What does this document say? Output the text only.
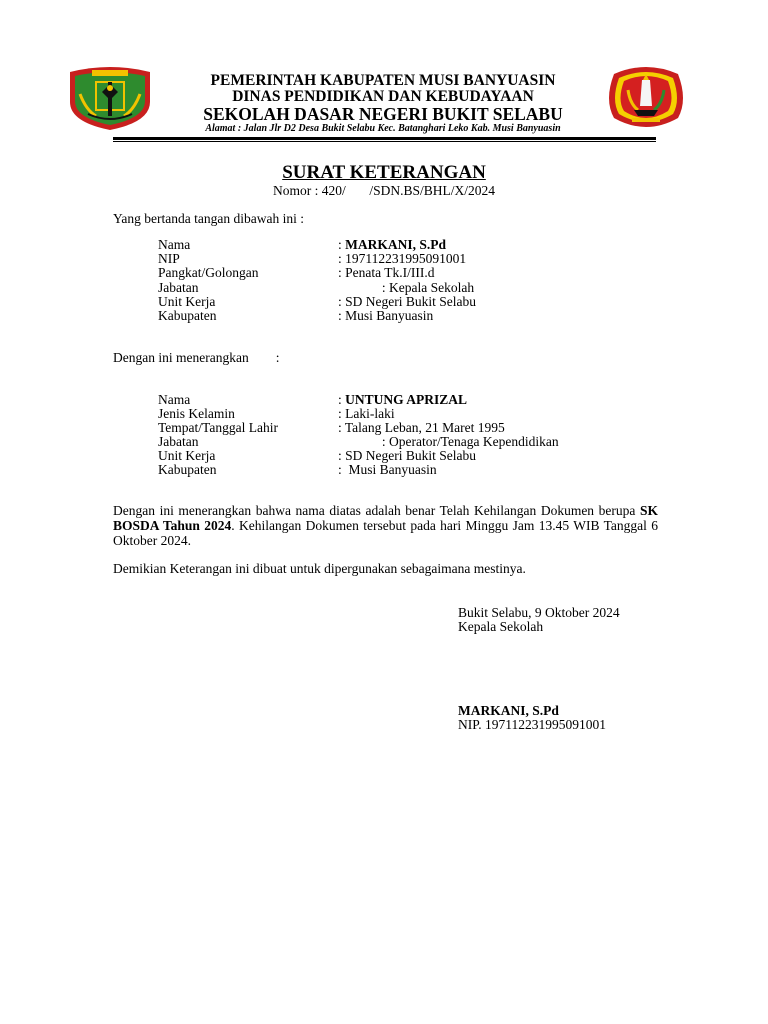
PEMERINTAH KABUPATEN MUSI BANYUASIN
DINAS PENDIDIKAN DAN KEBUDAYAAN
SEKOLAH DASAR NEGERI BUKIT SELABU
Alamat : Jalan Jlr D2 Desa Bukit Selabu Kec. Batanghari Leko Kab. Musi Banyuasin
SURAT KETERANGAN
Nomor : 420/       /SDN.BS/BHL/X/2024
Yang bertanda tangan dibawah ini :
Nama	: MARKANI, S.Pd
NIP	: 197112231995091001
Pangkat/Golongan	: Penata Tk.I/III.d
Jabatan	: Kepala Sekolah
Unit Kerja	: SD Negeri Bukit Selabu
Kabupaten	: Musi Banyuasin
Dengan ini menerangkan        :
Nama	: UNTUNG APRIZAL
Jenis Kelamin	: Laki-laki
Tempat/Tanggal Lahir	: Talang Leban, 21 Maret 1995
Jabatan	: Operator/Tenaga Kependidikan
Unit Kerja	: SD Negeri Bukit Selabu
Kabupaten	:  Musi Banyuasin
Dengan ini menerangkan bahwa nama diatas adalah benar Telah Kehilangan Dokumen berupa SK BOSDA Tahun 2024. Kehilangan Dokumen tersebut pada hari Minggu Jam 13.45 WIB Tanggal 6 Oktober 2024.
Demikian Keterangan ini dibuat untuk dipergunakan sebagaimana mestinya.
Bukit Selabu, 9 Oktober 2024
Kepala Sekolah
MARKANI, S.Pd
NIP. 197112231995091001
